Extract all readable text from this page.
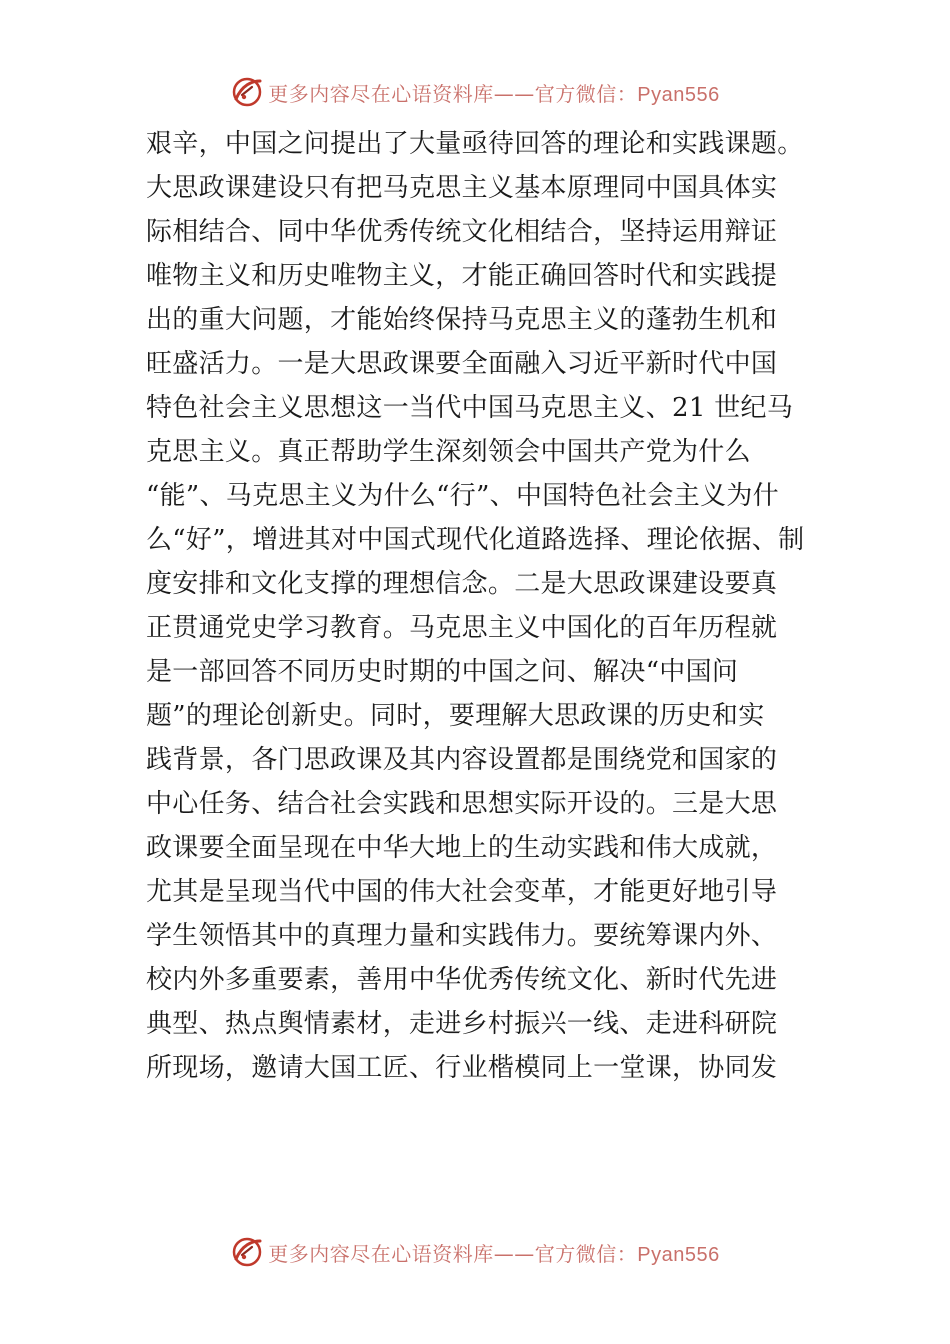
更多内容尽在心语资料库——官方微信：Pyan556
艰辛，中国之问提出了大量亟待回答的理论和实践课题。
大思政课建设只有把马克思主义基本原理同中国具体实
际相结合、同中华优秀传统文化相结合，坚持运用辩证
唯物主义和历史唯物主义，才能正确回答时代和实践提
出的重大问题，才能始终保持马克思主义的蓬勃生机和
旺盛活力。一是大思政课要全面融入习近平新时代中国
特色社会主义思想这一当代中国马克思主义、21 世纪马
克思主义。真正帮助学生深刻领会中国共产党为什么
“能”、马克思主义为什么“行”、中国特色社会主义为什
么“好”，增进其对中国式现代化道路选择、理论依据、制
度安排和文化支撑的理想信念。二是大思政课建设要真
正贯通党史学习教育。马克思主义中国化的百年历程就
是一部回答不同历史时期的中国之问、解决“中国问
题”的理论创新史。同时，要理解大思政课的历史和实
践背景，各门思政课及其内容设置都是围绕党和国家的
中心任务、结合社会实践和思想实际开设的。三是大思
政课要全面呈现在中华大地上的生动实践和伟大成就，
尤其是呈现当代中国的伟大社会变革，才能更好地引导
学生领悟其中的真理力量和实践伟力。要统筹课内外、
校内外多重要素，善用中华优秀传统文化、新时代先进
典型、热点舆情素材，走进乡村振兴一线、走进科研院
所现场，邀请大国工匠、行业楷模同上一堂课，协同发
更多内容尽在心语资料库——官方微信：Pyan556
